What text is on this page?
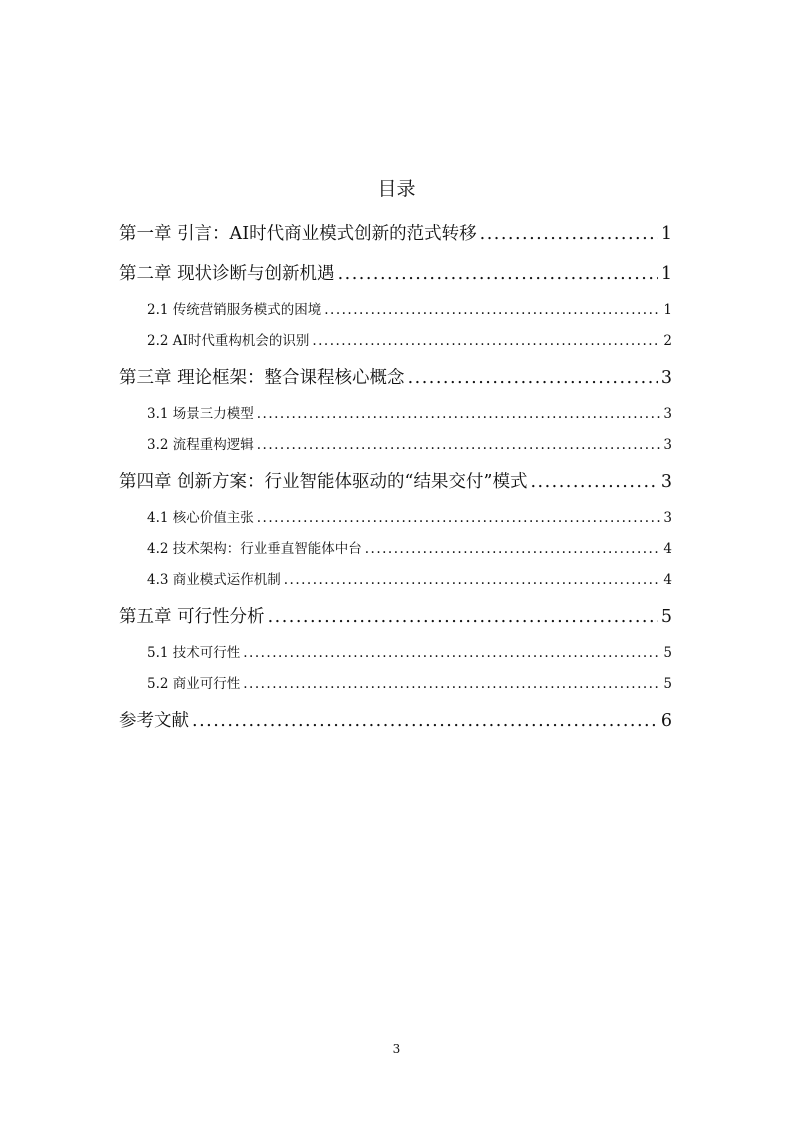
目录
第一章 引言：AI时代商业模式创新的范式转移 .....	1
第二章 现状诊断与创新机遇 .....	1
2.1 传统营销服务模式的困境 .....	1
2.2 AI时代重构机会的识别 .....	2
第三章 理论框架：整合课程核心概念 .....	3
3.1 场景三力模型 .....	3
3.2 流程重构逻辑 .....	3
第四章 创新方案：行业智能体驱动的“结果交付”模式 .....	3
4.1 核心价值主张 .....	3
4.2 技术架构：行业垂直智能体中台 .....	4
4.3 商业模式运作机制 .....	4
第五章 可行性分析 .....	5
5.1 技术可行性 .....	5
5.2 商业可行性 .....	5
参考文献 .....	6
3
